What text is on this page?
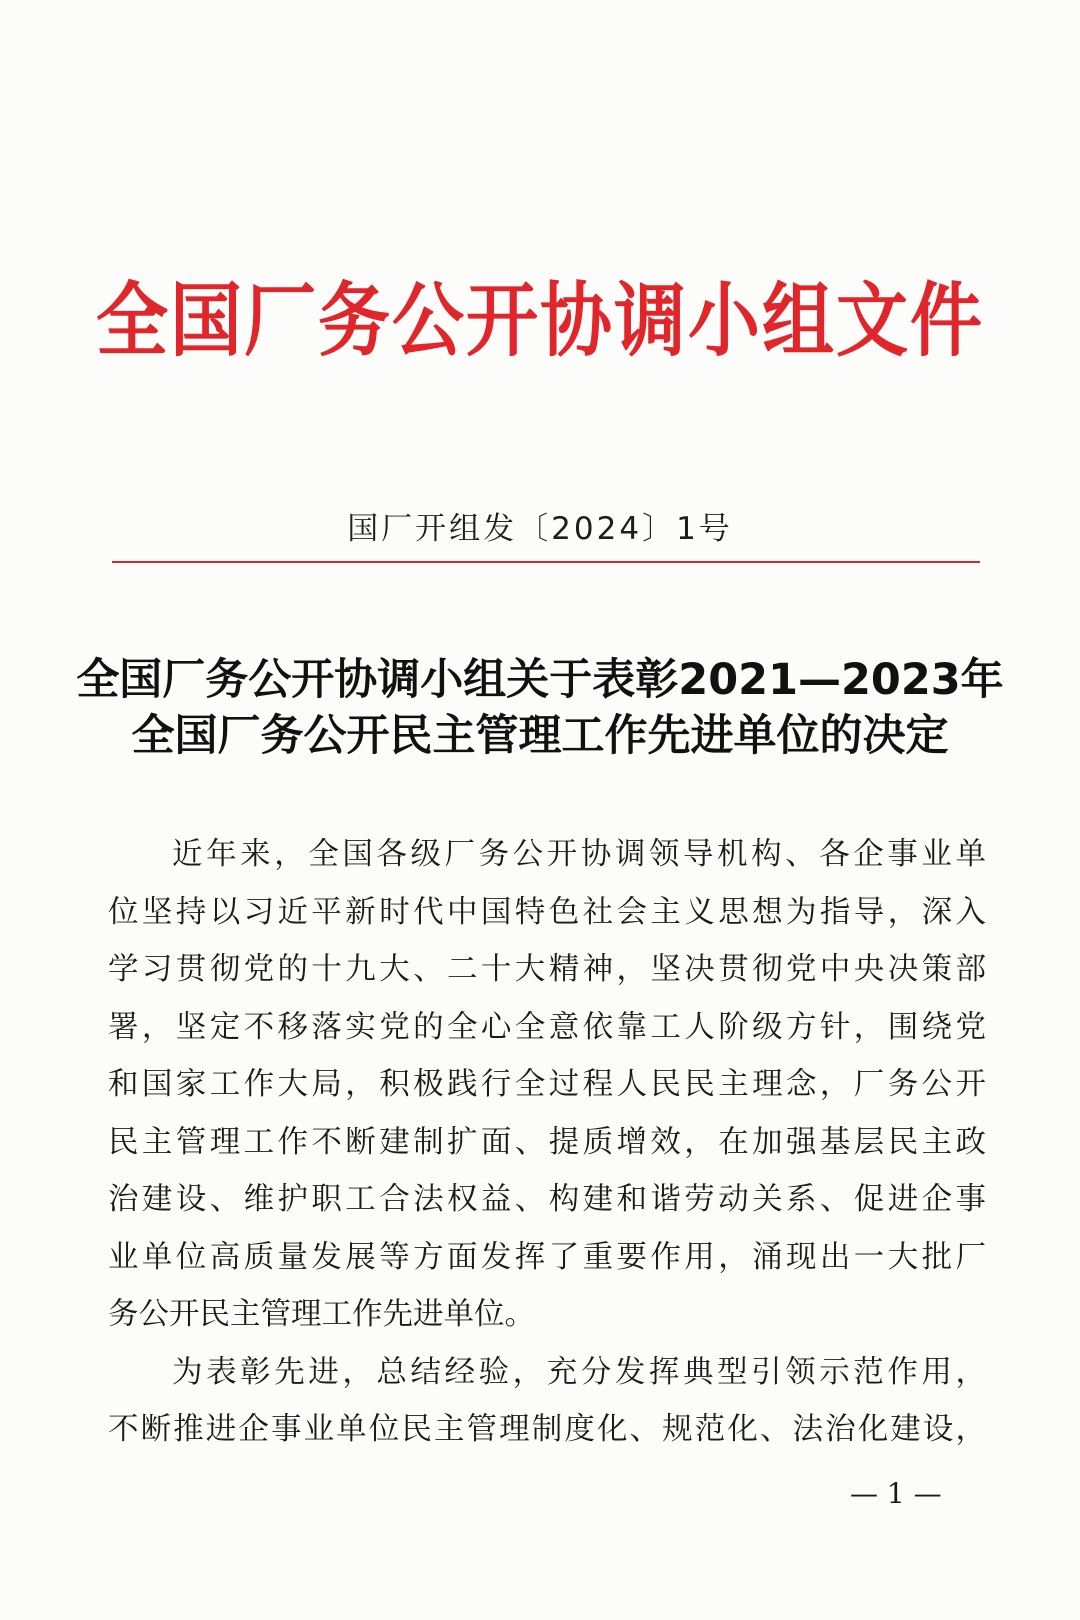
全国厂务公开协调小组文件
国厂开组发〔2024〕1号
全国厂务公开协调小组关于表彰2021—2023年
全国厂务公开民主管理工作先进单位的决定
近年来，全国各级厂务公开协调领导机构、各企事业单
位坚持以习近平新时代中国特色社会主义思想为指导，深入
学习贯彻党的十九大、二十大精神，坚决贯彻党中央决策部
署，坚定不移落实党的全心全意依靠工人阶级方针，围绕党
和国家工作大局，积极践行全过程人民民主理念，厂务公开
民主管理工作不断建制扩面、提质增效，在加强基层民主政
治建设、维护职工合法权益、构建和谐劳动关系、促进企事
业单位高质量发展等方面发挥了重要作用，涌现出一大批厂
务公开民主管理工作先进单位。
为表彰先进，总结经验，充分发挥典型引领示范作用，
不断推进企事业单位民主管理制度化、规范化、法治化建设，
— 1 —
